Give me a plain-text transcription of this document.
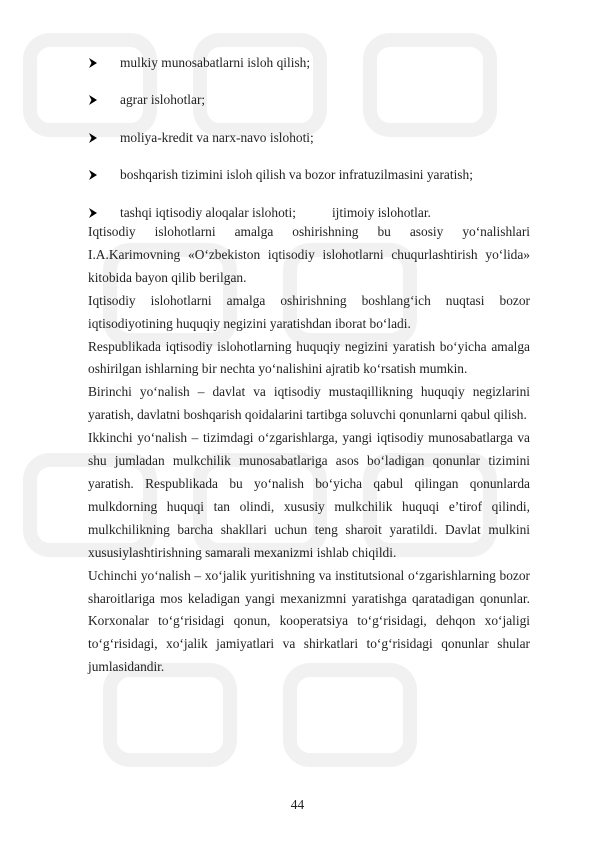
mulkiy munosabatlarni isloh qilish;
agrar islohotlar;
moliya-kredit va narx-navo islohoti;
boshqarish tizimini isloh qilish va bozor infratuzilmasini yaratish;
tashqi iqtisodiy aloqalar islohoti;	ijtimoiy islohotlar.

Iqtisodiy islohotlarni amalga oshirishning bu asosiy yo‘nalishlari I.A.Karimovning «O‘zbekiston iqtisodiy islohotlarni chuqurlashtirish yo‘lida» kitobida bayon qilib berilgan.

Iqtisodiy islohotlarni amalga oshirishning boshlang‘ich nuqtasi bozor iqtisodiyotining huquqiy negizini yaratishdan iborat bo‘ladi.

Respublikada iqtisodiy islohotlarning huquqiy negizini yaratish bo‘yicha amalga oshirilgan ishlarning bir nechta yo‘nalishini ajratib ko‘rsatish mumkin.

Birinchi yo‘nalish – davlat va iqtisodiy mustaqillikning huquqiy negizlarini yaratish, davlatni boshqarish qoidalarini tartibga soluvchi qonunlarni qabul qilish.

Ikkinchi yo‘nalish – tizimdagi o‘zgarishlarga, yangi iqtisodiy munosabatlarga va shu jumladan mulkchilik munosabatlariga asos bo‘ladigan qonunlar tizimini yaratish. Respublikada bu yo‘nalish bo‘yicha qabul qilingan qonunlarda mulkdorning huquqi tan olindi, xususiy mulkchilik huquqi e’tirof qilindi, mulkchilikning barcha shakllari uchun teng sharoit yaratildi. Davlat mulkini xususiylashtirishning samarali mexanizmi ishlab chiqildi.

Uchinchi yo‘nalish – xo‘jalik yuritishning va institutsional o‘zgarishlarning bozor sharoitlariga mos keladigan yangi mexanizmni yaratishga qaratadigan qonunlar. Korxonalar to‘g‘risidagi qonun, kooperatsiya to‘g‘risidagi, dehqon xo‘jaligi to‘g‘risidagi, xo‘jalik jamiyatlari va shirkatlari to‘g‘risidagi qonunlar shular jumlasidandir.

44
